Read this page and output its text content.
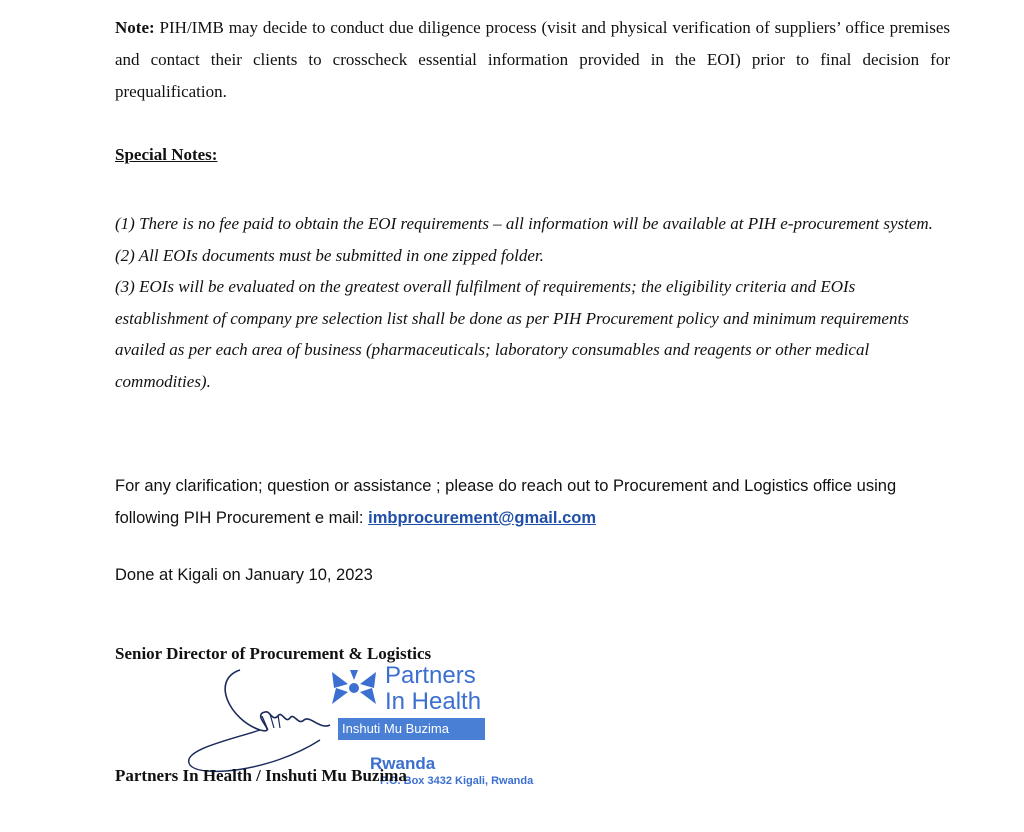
Note: PIH/IMB may decide to conduct due diligence process (visit and physical verification of suppliers’ office premises and contact their clients to crosscheck essential information provided in the EOI) prior to final decision for prequalification.
Special Notes:
(1) There is no fee paid to obtain the EOI requirements – all information will be available at PIH e-procurement system.
(2) All EOIs documents must be submitted in one zipped folder.
(3) EOIs will be evaluated on the greatest overall fulfilment of requirements; the eligibility criteria and EOIs establishment of company pre selection list shall be done as per PIH Procurement policy and minimum requirements availed as per each area of business (pharmaceuticals; laboratory consumables and reagents or other medical commodities).
For any clarification; question or assistance ; please do reach out to Procurement and Logistics office using following PIH Procurement e mail: imbprocurement@gmail.com
Done at Kigali on January 10, 2023
Senior Director of Procurement & Logistics
Partners
In Health
Inshuti Mu Buzima
Rwanda
P.O. Box 3432 Kigali, Rwanda
Partners In Health / Inshuti Mu Buzima
